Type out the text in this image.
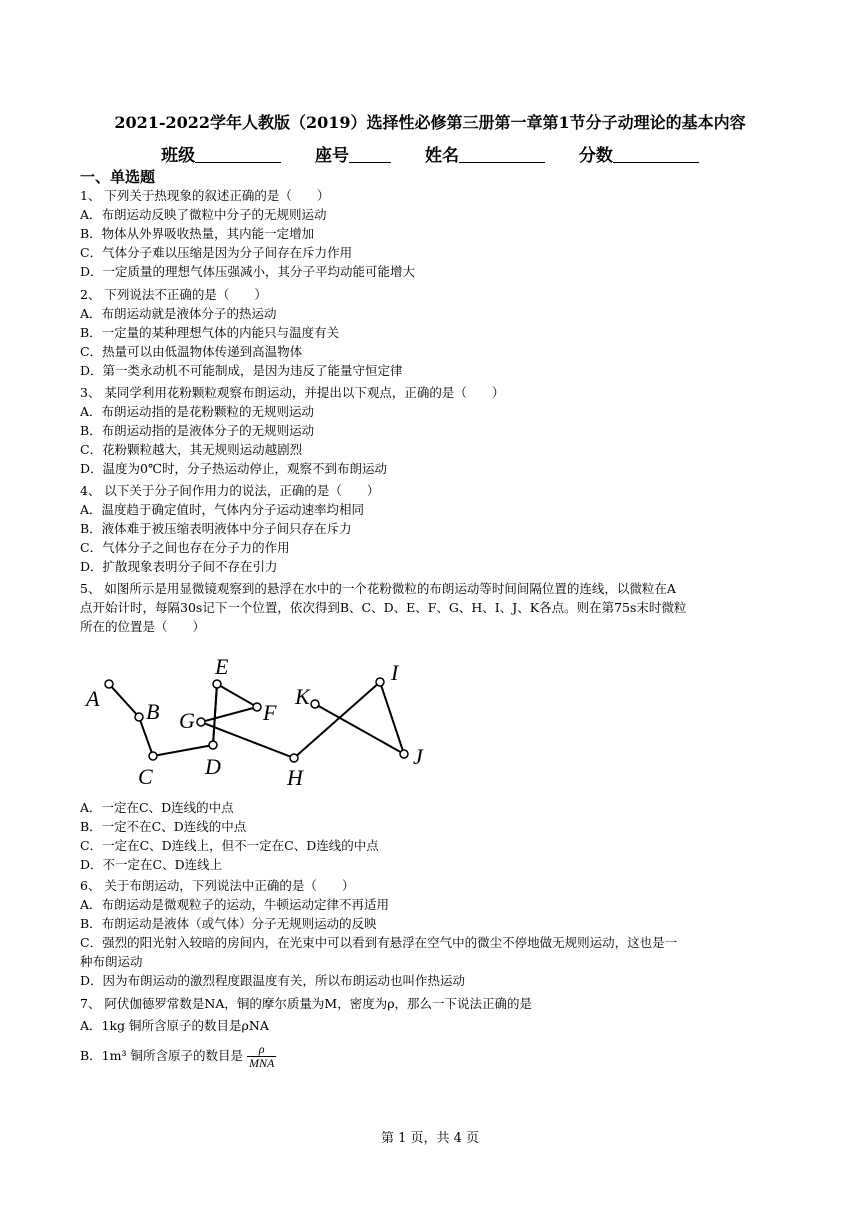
2021-2022学年人教版（2019）选择性必修第三册第一章第1节分子动理论的基本内容
班级	座号	姓名	分数
一、单选题
1、 下列关于热现象的叙述正确的是（　　）
A．布朗运动反映了微粒中分子的无规则运动
B．物体从外界吸收热量，其内能一定增加
C．气体分子难以压缩是因为分子间存在斥力作用
D．一定质量的理想气体压强减小，其分子平均动能可能增大
2、 下列说法不正确的是（　　）
A．布朗运动就是液体分子的热运动
B．一定量的某种理想气体的内能只与温度有关
C．热量可以由低温物体传递到高温物体
D．第一类永动机不可能制成，是因为违反了能量守恒定律
3、 某同学利用花粉颗粒观察布朗运动，并提出以下观点，正确的是（　　）
A．布朗运动指的是花粉颗粒的无规则运动
B．布朗运动指的是液体分子的无规则运动
C．花粉颗粒越大，其无规则运动越剧烈
D．温度为0℃时，分子热运动停止，观察不到布朗运动
4、 以下关于分子间作用力的说法，正确的是（　　）
A．温度趋于确定值时，气体内分子运动速率均相同
B．液体难于被压缩表明液体中分子间只存在斥力
C．气体分子之间也存在分子力的作用
D．扩散现象表明分子间不存在引力
5、 如图所示是用显微镜观察到的悬浮在水中的一个花粉微粒的布朗运动等时间间隔位置的连线，以微粒在A
点开始计时，每隔30s记下一个位置，依次得到B、C、D、E、F、G、H、I、J、K各点。则在第75s末时微粒
所在的位置是（　　）
A
B
C D
E
F
G
H
I
J
K
A．一定在C、D连线的中点
B．一定不在C、D连线的中点
C．一定在C、D连线上，但不一定在C、D连线的中点
D．不一定在C、D连线上
6、 关于布朗运动，下列说法中正确的是（　　）
A．布朗运动是微观粒子的运动，牛顿运动定律不再适用
B．布朗运动是液体（或气体）分子无规则运动的反映
C．强烈的阳光射入较暗的房间内，在光束中可以看到有悬浮在空气中的微尘不停地做无规则运动，这也是一
种布朗运动
D．因为布朗运动的激烈程度跟温度有关，所以布朗运动也叫作热运动
7、 阿伏伽德罗常数是NA，铜的摩尔质量为M，密度为ρ，那么一下说法正确的是
A．1kg 铜所含原子的数目是ρNA
B．1m³ 铜所含原子的数目是 $\frac{\rho}{\text{MNA}}$
第 1 页，共 4 页
